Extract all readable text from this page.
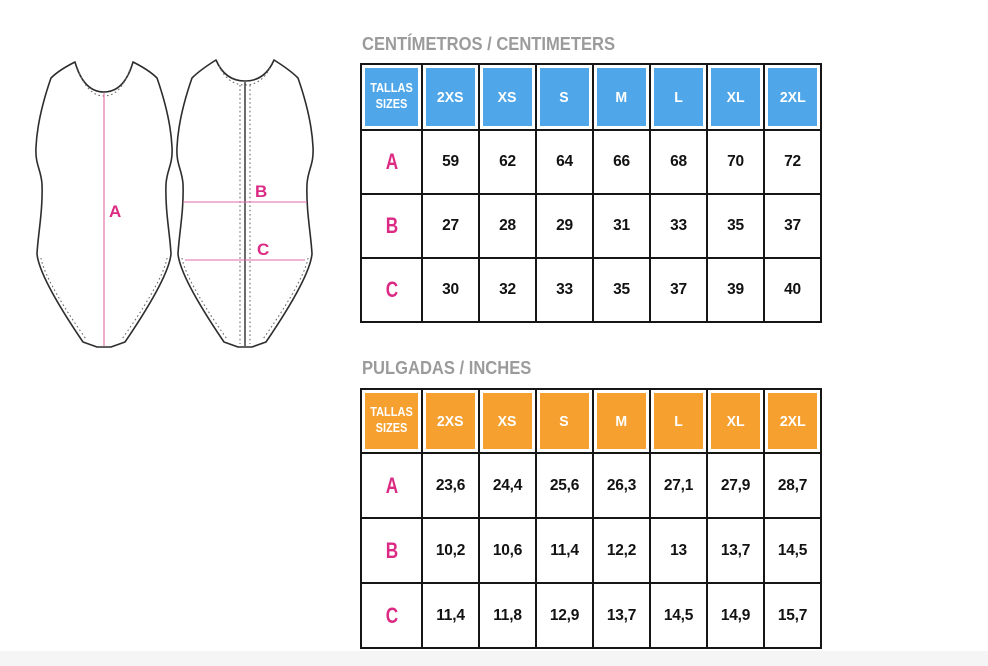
A
B
C
CENTÍMETROS / CENTIMETERS
TALLAS
SIZES	2XS	XS	S	M	L	XL	2XL
A	59	62	64	66	68	70	72
B	27	28	29	31	33	35	37
C	30	32	33	35	37	39	40
PULGADAS / INCHES
TALLAS
SIZES	2XS	XS	S	M	L	XL	2XL
A	23,6	24,4	25,6	26,3	27,1	27,9	28,7
B	10,2	10,6	11,4	12,2	13	13,7	14,5
C	11,4	11,8	12,9	13,7	14,5	14,9	15,7
